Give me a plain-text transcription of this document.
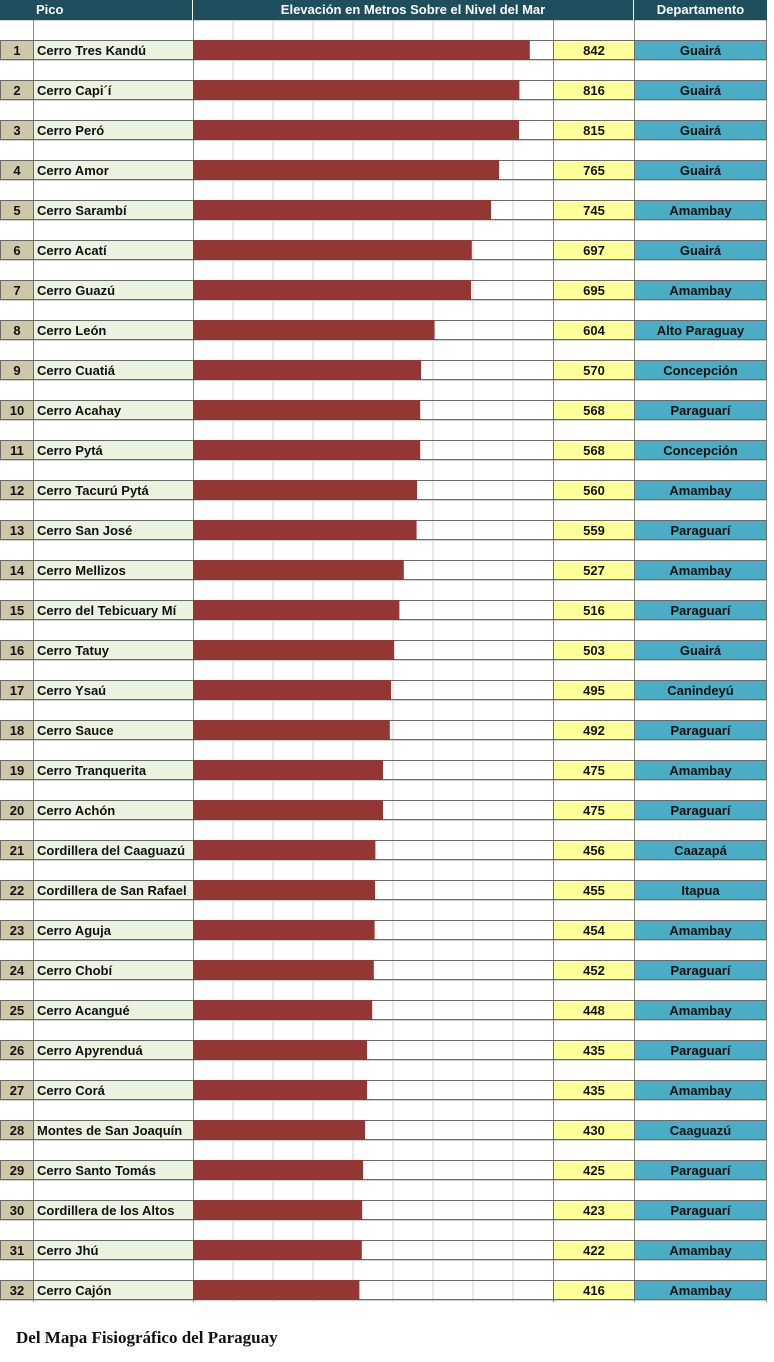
Pico	Elevación en Metros Sobre el Nivel del Mar	Departamento
1	Cerro Tres Kandú	842	Guairá
2	Cerro Capi´í	816	Guairá
3	Cerro Peró	815	Guairá
4	Cerro Amor	765	Guairá
5	Cerro Sarambí	745	Amambay
6	Cerro Acatí	697	Guairá
7	Cerro Guazú	695	Amambay
8	Cerro León	604	Alto Paraguay
9	Cerro Cuatiá	570	Concepción
10 Cerro Acahay	568	Paraguarí
11	Cerro Pytá	568	Concepción
12 Cerro Tacurú Pytá	560	Amambay
13 Cerro San José	559	Paraguarí
14 Cerro Mellizos	527	Amambay
15 Cerro del Tebicuary Mí	516	Paraguarí
16 Cerro Tatuy	503	Guairá
17 Cerro Ysaú	495	Canindeyú
18 Cerro Sauce	492	Paraguarí
19 Cerro Tranquerita	475	Amambay
20 Cerro Achón	475	Paraguarí
21 Cordillera del Caaguazú	456	Caazapá
22 Cordillera de San Rafael	455	Itapua
23 Cerro Aguja	454	Amambay
24 Cerro Chobí	452	Paraguarí
25 Cerro Acangué	448	Amambay
26 Cerro Apyrenduá	435	Paraguarí
27 Cerro Corá	435	Amambay
28 Montes de San Joaquín	430	Caaguazú
29 Cerro Santo Tomás	425	Paraguarí
30 Cordillera de los Altos	423	Paraguarí
31 Cerro Jhú	422	Amambay
32 Cerro Cajón	416	Amambay
Del Mapa Fisiográfico del Paraguay
